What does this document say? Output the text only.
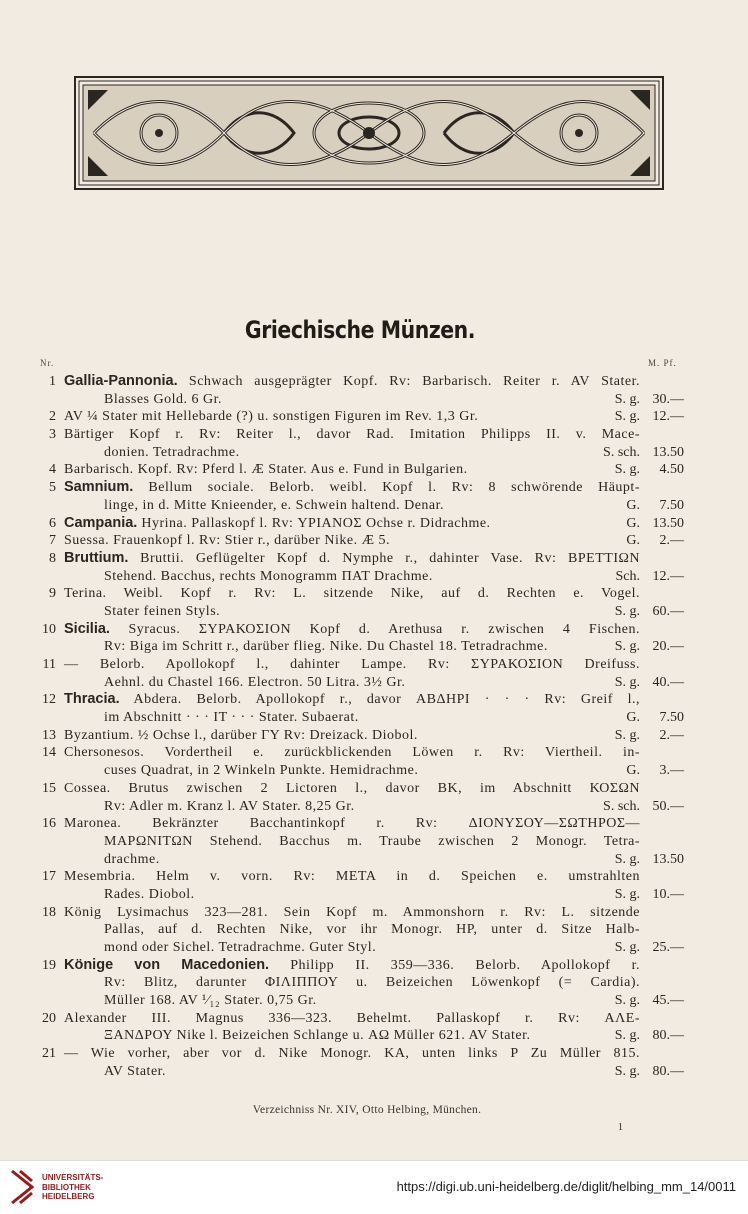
Griechische Münzen.
Nr.	M. Pf.
1 Gallia-Pannonia. Schwach ausgeprägter Kopf. Rv: Barbarisch. Reiter r. AV Stater.
Blasses Gold. 6 Gr.	S. g. 30.—
2 AV ¼ Stater mit Hellebarde (?) u. sonstigen Figuren im Rev. 1,3 Gr.	S. g. 12.—
3 Bärtiger Kopf r. Rv: Reiter l., davor Rad. Imitation Philipps II. v. Mace-
donien. Tetradrachme.	S. sch. 13.50
4 Barbarisch. Kopf. Rv: Pferd l. Æ Stater. Aus e. Fund in Bulgarien.	S. g. 4.50
5 Samnium. Bellum sociale. Belorb. weibl. Kopf l. Rv: 8 schwörende Häupt-
linge, in d. Mitte Knieender, e. Schwein haltend. Denar.	G. 7.50
6 Campania. Hyrina. Pallaskopf l. Rv: ΥΡΙΑΝΟΣ Ochse r. Didrachme.	G. 13.50
7 Suessa. Frauenkopf l. Rv: Stier r., darüber Nike. Æ 5.	G. 2.—
8 Bruttium. Bruttii. Geflügelter Kopf d. Nymphe r., dahinter Vase. Rv: ΒΡΕΤΤΙΩΝ
Stehend. Bacchus, rechts Monogramm ΠΑΤ Drachme.	Sch. 12.—
9 Terina. Weibl. Kopf r. Rv: L. sitzende Nike, auf d. Rechten e. Vogel.
Stater feinen Styls.	S. g. 60.—
10 Sicilia. Syracus. ΣΥΡΑΚΟΣΙΟΝ Kopf d. Arethusa r. zwischen 4 Fischen.
Rv: Biga im Schritt r., darüber flieg. Nike. Du Chastel 18. Tetradrachme.	S. g. 20.—
11 — Belorb. Apollokopf l., dahinter Lampe. Rv: ΣΥΡΑΚΟΣΙΟΝ Dreifuss.
Aehnl. du Chastel 166. Electron. 50 Litra. 3½ Gr.	S. g. 40.—
12 Thracia. Abdera. Belorb. Apollokopf r., davor ΑΒΔΗΡΙ · · · Rv: Greif l.,
im Abschnitt · · · ΙΤ · · · Stater. Subaerat.	G. 7.50
13 Byzantium. ½ Ochse l., darüber ΓΥ Rv: Dreizack. Diobol.	S. g. 2.—
14 Chersonesos. Vordertheil e. zurückblickenden Löwen r. Rv: Viertheil. in-
cuses Quadrat, in 2 Winkeln Punkte. Hemidrachme.	G. 3.—
15 Cossea. Brutus zwischen 2 Lictoren l., davor BK, im Abschnitt ΚΟΣΩΝ
Rv: Adler m. Kranz l. AV Stater. 8,25 Gr.	S. sch. 50.—
16 Maronea. Bekränzter Bacchantinkopf r. Rv: ΔΙΟΝΥΣΟΥ—ΣΩΤΗΡΟΣ—
ΜΑΡΩΝΙΤΩΝ Stehend. Bacchus m. Traube zwischen 2 Monogr. Tetra-
drachme.	S. g. 13.50
17 Mesembria. Helm v. vorn. Rv: ΜΕΤΑ in d. Speichen e. umstrahlten
Rades. Diobol.	S. g. 10.—
18 König Lysimachus 323—281. Sein Kopf m. Ammonshorn r. Rv: L. sitzende
Pallas, auf d. Rechten Nike, vor ihr Monogr. ΗΡ, unter d. Sitze Halb-
mond oder Sichel. Tetradrachme. Guter Styl.	S. g. 25.—
19 Könige von Macedonien. Philipp II. 359—336. Belorb. Apollokopf r.
Rv: Blitz, darunter ΦΙΛΙΠΠΟΥ u. Beizeichen Löwenkopf (= Cardia).
Müller 168. AV ¹⁄₁₂ Stater. 0,75 Gr.	S. g. 45.—
20 Alexander III. Magnus 336—323. Behelmt. Pallaskopf r. Rv: ΑΛΕ-
ΞΑΝΔΡΟΥ Nike l. Beizeichen Schlange u. ΑΩ Müller 621. AV Stater.	S. g. 80.—
21 — Wie vorher, aber vor d. Nike Monogr. KA, unten links P Zu Müller 815.
AV Stater.	S. g. 80.—
Verzeichniss Nr. XIV, Otto Helbing, München.
1
UNIVERSITÄTS-
BIBLIOTHEK
HEIDELBERG
https://digi.ub.uni-heidelberg.de/diglit/helbing_mm_14/0011
